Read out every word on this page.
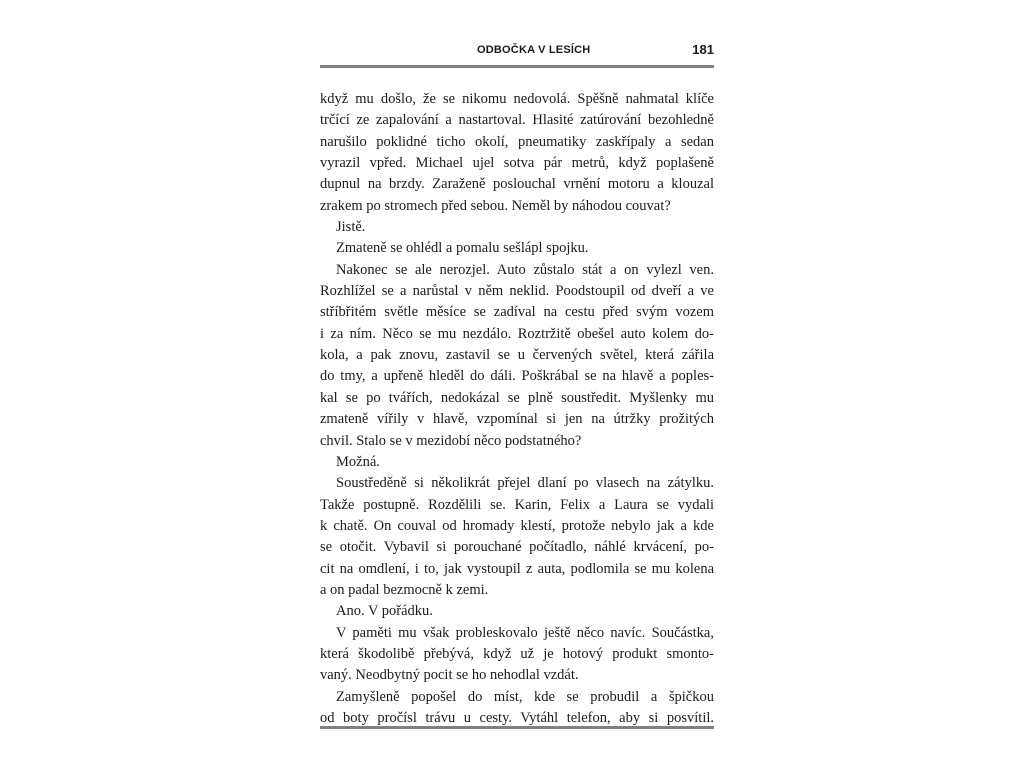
ODBOČKA V LESÍCH	181
když mu došlo, že se nikomu nedovolá. Spěšně nahmatal klíče
trčící ze zapalování a nastartoval. Hlasité zatúrování bezohledně
narušilo poklidné ticho okolí, pneumatiky zaskřípaly a sedan
vyrazil vpřed. Michael ujel sotva pár metrů, když poplašeně
dupnul na brzdy. Zaraženě poslouchal vrnění motoru a klouzal
zrakem po stromech před sebou. Neměl by náhodou couvat?
Jistě.
Zmateně se ohlédl a pomalu sešlápl spojku.
Nakonec se ale nerozjel. Auto zůstalo stát a on vylezl ven.
Rozhlížel se a narůstal v něm neklid. Poodstoupil od dveří a ve
stříbřitém světle měsíce se zadíval na cestu před svým vozem
i za ním. Něco se mu nezdálo. Roztržitě obešel auto kolem do-
kola, a pak znovu, zastavil se u červených světel, která zářila
do tmy, a upřeně hleděl do dáli. Poškrábal se na hlavě a poples-
kal se po tvářích, nedokázal se plně soustředit. Myšlenky mu
zmateně vířily v hlavě, vzpomínal si jen na útržky prožitých
chvil. Stalo se v mezidobí něco podstatného?
Možná.
Soustředěně si několikrát přejel dlaní po vlasech na zátylku.
Takže postupně. Rozdělili se. Karin, Felix a Laura se vydali
k chatě. On couval od hromady klestí, protože nebylo jak a kde
se otočit. Vybavil si porouchané počítadlo, náhlé krvácení, po-
cit na omdlení, i to, jak vystoupil z auta, podlomila se mu kolena
a on padal bezmocně k zemi.
Ano. V pořádku.
V paměti mu však probleskovalo ještě něco navíc. Součástka,
která škodolibě přebývá, když už je hotový produkt smonto-
vaný. Neodbytný pocit se ho nehodlal vzdát.
Zamyšleně popošel do míst, kde se probudil a špičkou
od boty pročísl trávu u cesty. Vytáhl telefon, aby si posvítil.
